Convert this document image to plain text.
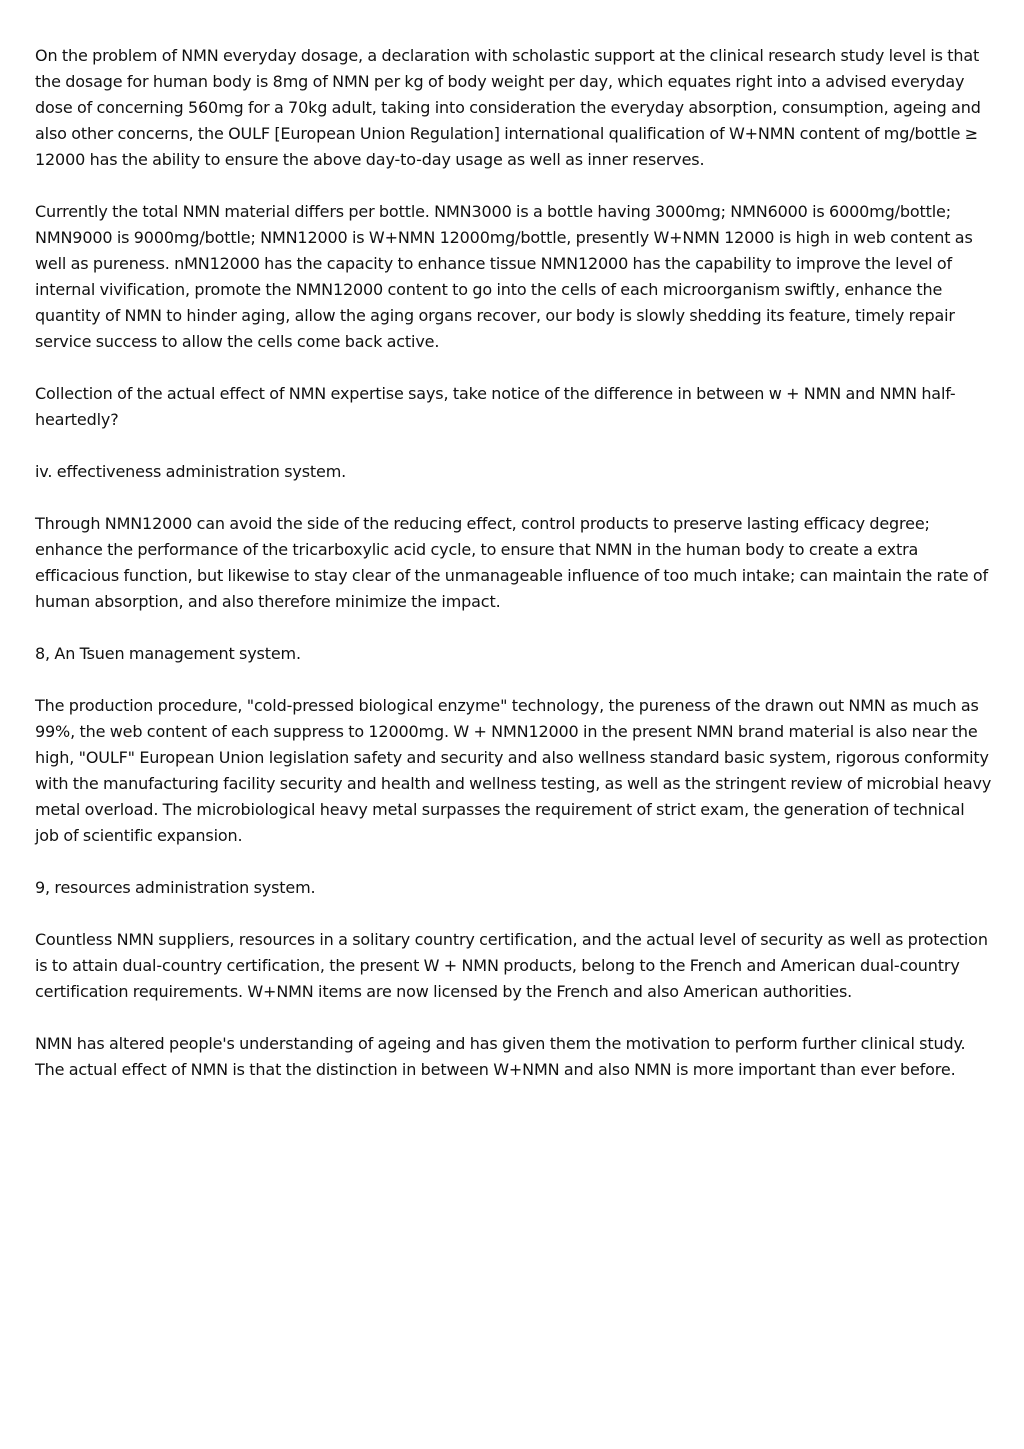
On the problem of NMN everyday dosage, a declaration with scholastic support at the clinical research study level is that the dosage for human body is 8mg of NMN per kg of body weight per day, which equates right into a advised everyday dose of concerning 560mg for a 70kg adult, taking into consideration the everyday absorption, consumption, ageing and also other concerns, the OULF [European Union Regulation] international qualification of W+NMN content of mg/bottle ≥ 12000 has the ability to ensure the above day-to-day usage as well as inner reserves.

Currently the total NMN material differs per bottle. NMN3000 is a bottle having 3000mg; NMN6000 is 6000mg/bottle; NMN9000 is 9000mg/bottle; NMN12000 is W+NMN 12000mg/bottle, presently W+NMN 12000 is high in web content as well as pureness. nMN12000 has the capacity to enhance tissue NMN12000 has the capability to improve the level of internal vivification, promote the NMN12000 content to go into the cells of each microorganism swiftly, enhance the quantity of NMN to hinder aging, allow the aging organs recover, our body is slowly shedding its feature, timely repair service success to allow the cells come back active.

Collection of the actual effect of NMN expertise says, take notice of the difference in between w + NMN and NMN half-heartedly?

iv. effectiveness administration system.

Through NMN12000 can avoid the side of the reducing effect, control products to preserve lasting efficacy degree; enhance the performance of the tricarboxylic acid cycle, to ensure that NMN in the human body to create a extra efficacious function, but likewise to stay clear of the unmanageable influence of too much intake; can maintain the rate of human absorption, and also therefore minimize the impact.

8, An Tsuen management system.

The production procedure, "cold-pressed biological enzyme" technology, the pureness of the drawn out NMN as much as 99%, the web content of each suppress to 12000mg. W + NMN12000 in the present NMN brand material is also near the high, "OULF" European Union legislation safety and security and also wellness standard basic system, rigorous conformity with the manufacturing facility security and health and wellness testing, as well as the stringent review of microbial heavy metal overload. The microbiological heavy metal surpasses the requirement of strict exam, the generation of technical job of scientific expansion.

9, resources administration system.

Countless NMN suppliers, resources in a solitary country certification, and the actual level of security as well as protection is to attain dual-country certification, the present W + NMN products, belong to the French and American dual-country certification requirements. W+NMN items are now licensed by the French and also American authorities.

NMN has altered people's understanding of ageing and has given them the motivation to perform further clinical study. The actual effect of NMN is that the distinction in between W+NMN and also NMN is more important than ever before.
